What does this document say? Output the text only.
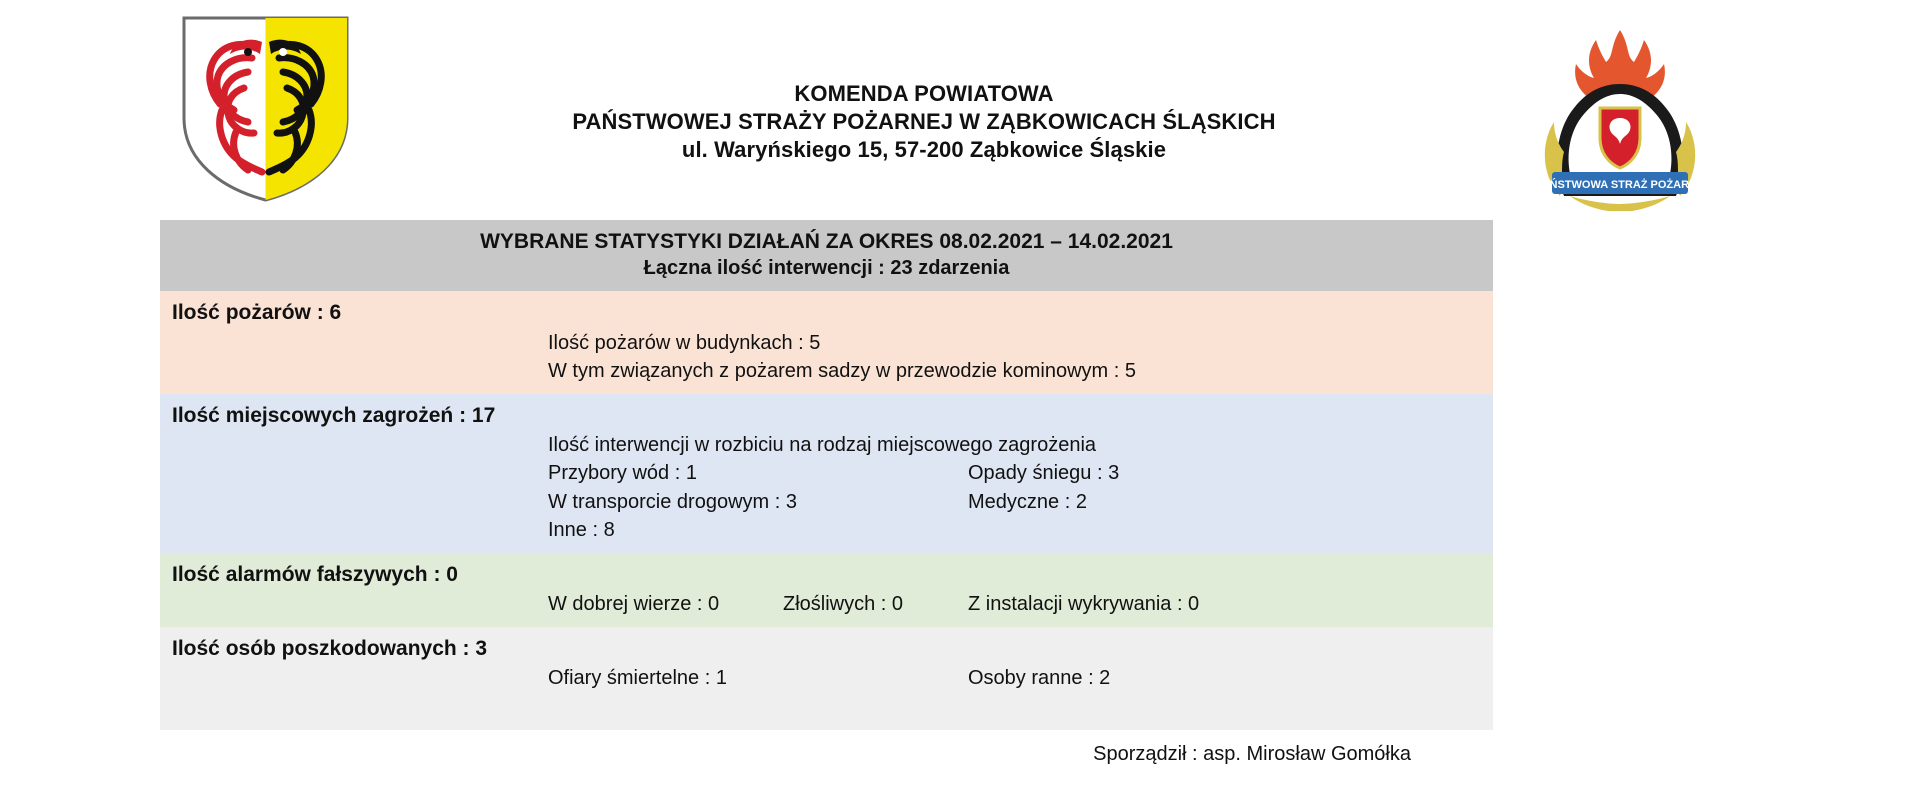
KOMENDA POWIATOWA
PAŃSTWOWEJ STRAŻY POŻARNEJ W ZĄBKOWICACH ŚLĄSKICH
ul. Waryńskiego 15, 57-200 Ząbkowice Śląskie
PAŃSTWOWA STRAŻ POŻARNA
WYBRANE STATYSTYKI DZIAŁAŃ ZA OKRES 08.02.2021 – 14.02.2021
Łączna ilość interwencji : 23 zdarzenia
Ilość pożarów : 6
Ilość pożarów w budynkach : 5
W tym związanych z pożarem sadzy w przewodzie kominowym : 5
Ilość miejscowych zagrożeń : 17
Ilość interwencji w rozbiciu na rodzaj miejscowego zagrożenia
Przybory wód : 1	Opady śniegu : 3
W transporcie drogowym : 3	Medyczne : 2
Inne : 8
Ilość alarmów fałszywych : 0
W dobrej wierze : 0	Złośliwych : 0	Z instalacji wykrywania : 0
Ilość osób poszkodowanych : 3
Ofiary śmiertelne : 1	Osoby ranne : 2
Sporządził : asp. Mirosław Gomółka
